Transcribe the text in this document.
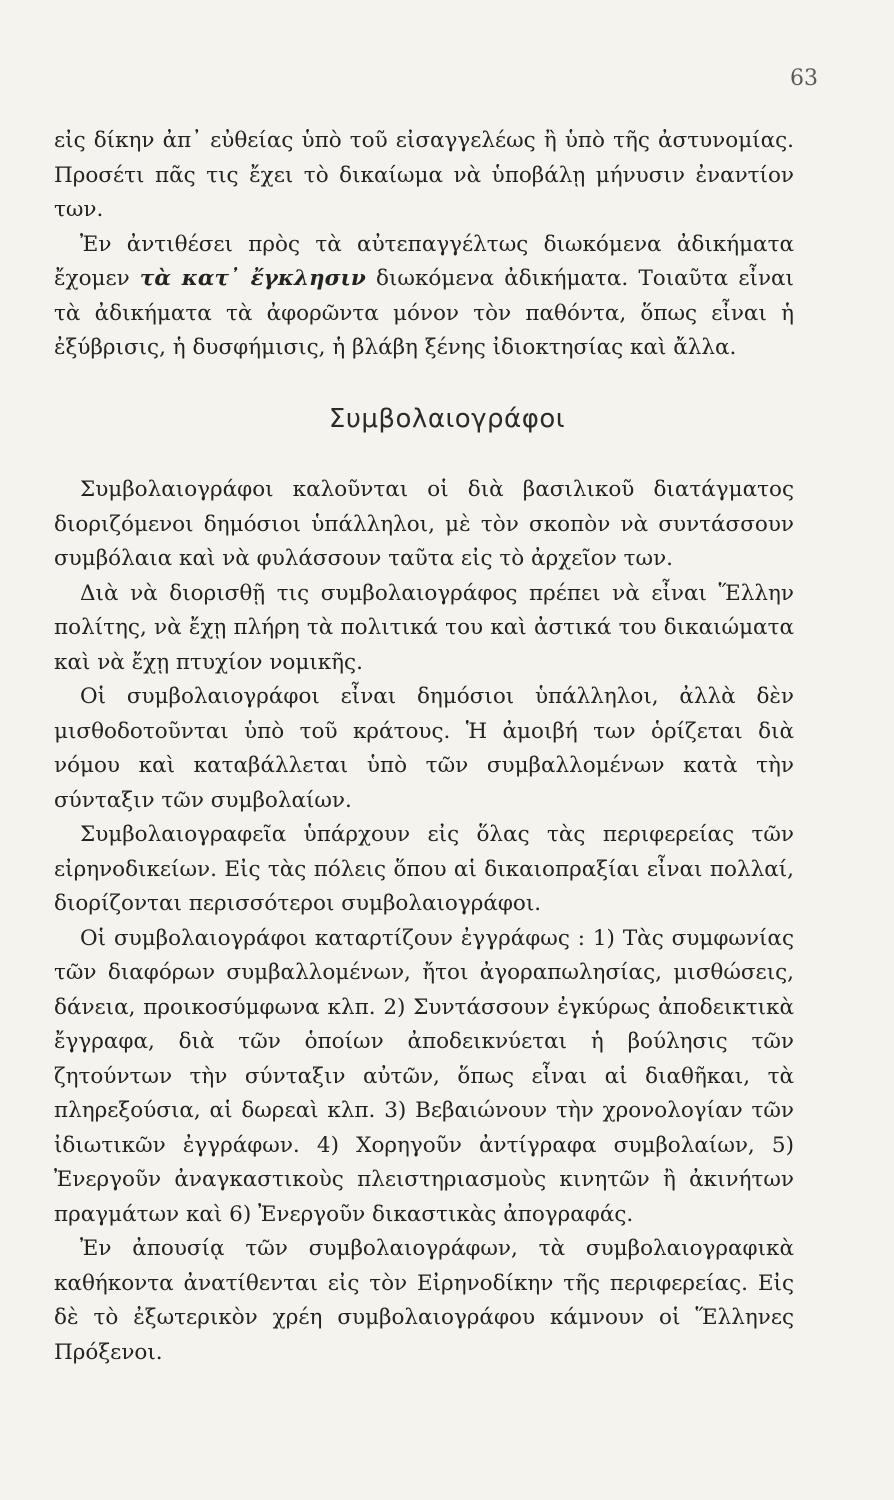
63

εἰς δίκην ἀπ᾽ εὐθείας ὑπὸ τοῦ εἰσαγγελέως ἢ ὑπὸ τῆς ἀστυνομίας. Προσέτι πᾶς τις ἔχει τὸ δικαίωμα νὰ ὑποβάλῃ μήνυσιν ἐναντίον των.

Ἐν ἀντιθέσει πρὸς τὰ αὐτεπαγγέλτως διωκόμενα ἀδικήματα ἔχομεν τὰ κατ᾽ ἔγκλησιν διωκόμενα ἀδικήματα. Τοιαῦτα εἶναι τὰ ἀδικήματα τὰ ἀφορῶντα μόνον τὸν παθόντα, ὅπως εἶναι ἡ ἐξύβρισις, ἡ δυσφήμισις, ἡ βλάβη ξένης ἰδιοκτησίας καὶ ἄλλα.

Συμβολαιογράφοι

Συμβολαιογράφοι καλοῦνται οἱ διὰ βασιλικοῦ διατάγματος διοριζόμενοι δημόσιοι ὑπάλληλοι, μὲ τὸν σκοπὸν νὰ συντάσσουν συμβόλαια καὶ νὰ φυλάσσουν ταῦτα εἰς τὸ ἀρχεῖον των.

Διὰ νὰ διορισθῇ τις συμβολαιογράφος πρέπει νὰ εἶναι Ἕλλην πολίτης, νὰ ἔχῃ πλήρη τὰ πολιτικά του καὶ ἀστικά του δικαιώματα καὶ νὰ ἔχῃ πτυχίον νομικῆς.

Οἱ συμβολαιογράφοι εἶναι δημόσιοι ὑπάλληλοι, ἀλλὰ δὲν μισθοδοτοῦνται ὑπὸ τοῦ κράτους. Ἡ ἀμοιβή των ὁρίζεται διὰ νόμου καὶ καταβάλλεται ὑπὸ τῶν συμβαλλομένων κατὰ τὴν σύνταξιν τῶν συμβολαίων.

Συμβολαιογραφεῖα ὑπάρχουν εἰς ὅλας τὰς περιφερείας τῶν εἰρηνοδικείων. Εἰς τὰς πόλεις ὅπου αἱ δικαιοπραξίαι εἶναι πολλαί, διορίζονται περισσότεροι συμβολαιογράφοι.

Οἱ συμβολαιογράφοι καταρτίζουν ἐγγράφως : 1) Τὰς συμφωνίας τῶν διαφόρων συμβαλλομένων, ἤτοι ἀγοραπωλησίας, μισθώσεις, δάνεια, προικοσύμφωνα κλπ. 2) Συντάσσουν ἐγκύρως ἀποδεικτικὰ ἔγγραφα, διὰ τῶν ὁποίων ἀποδεικνύεται ἡ βούλησις τῶν ζητούντων τὴν σύνταξιν αὐτῶν, ὅπως εἶναι αἱ διαθῆκαι, τὰ πληρεξούσια, αἱ δωρεαὶ κλπ. 3) Βεβαιώνουν τὴν χρονολογίαν τῶν ἰδιωτικῶν ἐγγράφων. 4) Χορηγοῦν ἀντίγραφα συμβολαίων, 5) Ἐνεργοῦν ἀναγκαστικοὺς πλειστηριασμοὺς κινητῶν ἢ ἀκινήτων πραγμάτων καὶ 6) Ἐνεργοῦν δικαστικὰς ἀπογραφάς.

Ἐν ἀπουσίᾳ τῶν συμβολαιογράφων, τὰ συμβολαιογραφικὰ καθήκοντα ἀνατίθενται εἰς τὸν Εἰρηνοδίκην τῆς περιφερείας. Εἰς δὲ τὸ ἐξωτερικὸν χρέη συμβολαιογράφου κάμνουν οἱ Ἕλληνες Πρόξενοι.
